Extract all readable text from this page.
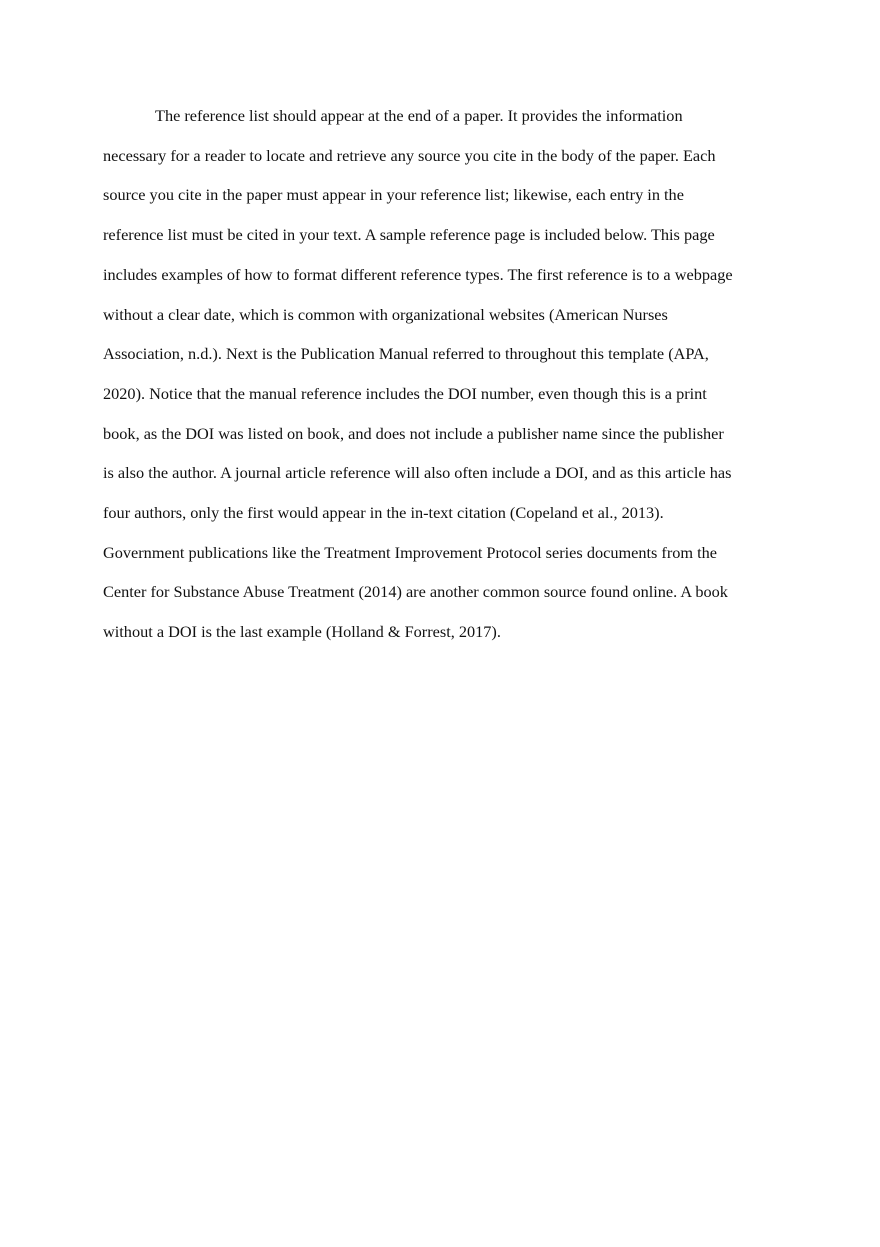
The reference list should appear at the end of a paper. It provides the information
necessary for a reader to locate and retrieve any source you cite in the body of the paper. Each
source you cite in the paper must appear in your reference list; likewise, each entry in the
reference list must be cited in your text. A sample reference page is included below. This page
includes examples of how to format different reference types. The first reference is to a webpage
without a clear date, which is common with organizational websites (American Nurses
Association, n.d.). Next is the Publication Manual referred to throughout this template (APA,
2020). Notice that the manual reference includes the DOI number, even though this is a print
book, as the DOI was listed on book, and does not include a publisher name since the publisher
is also the author. A journal article reference will also often include a DOI, and as this article has
four authors, only the first would appear in the in-text citation (Copeland et al., 2013).
Government publications like the Treatment Improvement Protocol series documents from the
Center for Substance Abuse Treatment (2014) are another common source found online. A book
without a DOI is the last example (Holland & Forrest, 2017).
